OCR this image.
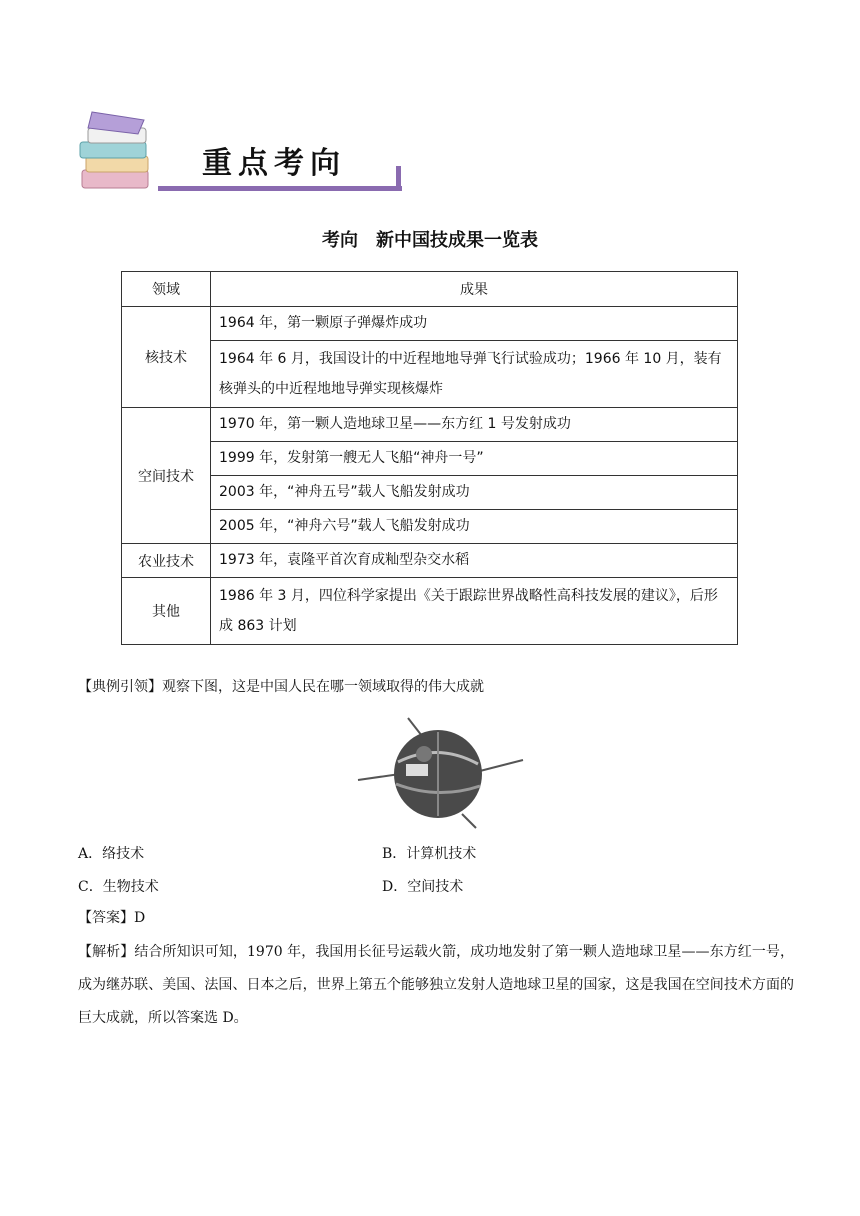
重点考向
考向　新中国技成果一览表
领域	成果
核技术	1964 年，第一颗原子弹爆炸成功
	1964 年 6 月，我国设计的中近程地地导弹飞行试验成功；1966 年 10 月，装有核弹头的中近程地地导弹实现核爆炸
空间技术	1970 年，第一颗人造地球卫星——东方红 1 号发射成功
	1999 年，发射第一艘无人飞船“神舟一号”
	2003 年，“神舟五号”载人飞船发射成功
	2005 年，“神舟六号”载人飞船发射成功
农业技术	1973 年，袁隆平首次育成籼型杂交水稻
其他	1986 年 3 月，四位科学家提出《关于跟踪世界战略性高科技发展的建议》，后形成 863 计划
【典例引领】观察下图，这是中国人民在哪一领域取得的伟大成就
A．络技术	B．计算机技术
C．生物技术	D．空间技术
【答案】D
【解析】结合所知识可知，1970 年，我国用长征号运载火箭，成功地发射了第一颗人造地球卫星——东方红一号，成为继苏联、美国、法国、日本之后，世界上第五个能够独立发射人造地球卫星的国家，这是我国在空间技术方面的巨大成就，所以答案选 D。
